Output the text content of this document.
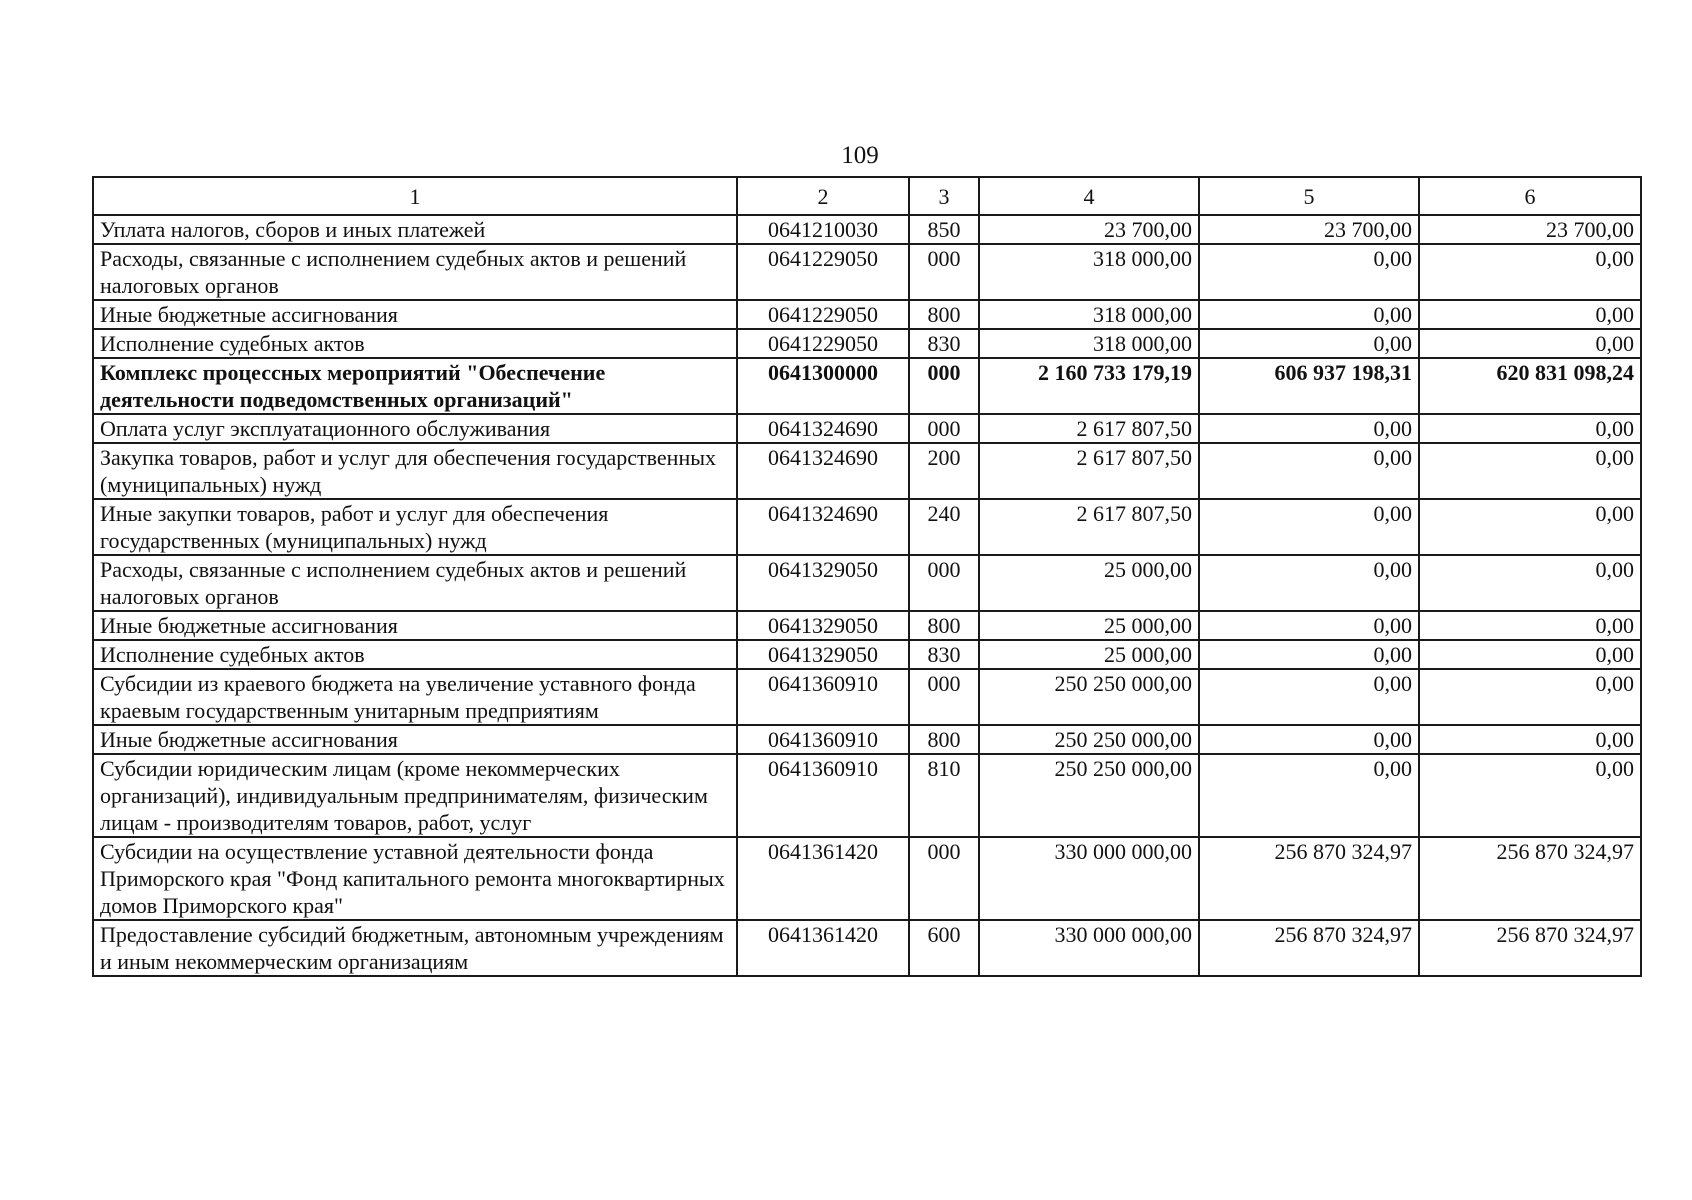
109
1	2	3	4	5	6
Уплата налогов, сборов и иных платежей	0641210030	850	23 700,00	23 700,00	23 700,00
Расходы, связанные с исполнением судебных актов и решений налоговых органов	0641229050	000	318 000,00	0,00	0,00
Иные бюджетные ассигнования	0641229050	800	318 000,00	0,00	0,00
Исполнение судебных актов	0641229050	830	318 000,00	0,00	0,00
Комплекс процессных мероприятий "Обеспечение деятельности подведомственных организаций"	0641300000	000	2 160 733 179,19	606 937 198,31	620 831 098,24
Оплата услуг эксплуатационного обслуживания	0641324690	000	2 617 807,50	0,00	0,00
Закупка товаров, работ и услуг для обеспечения государственных (муниципальных) нужд	0641324690	200	2 617 807,50	0,00	0,00
Иные закупки товаров, работ и услуг для обеспечения государственных (муниципальных) нужд	0641324690	240	2 617 807,50	0,00	0,00
Расходы, связанные с исполнением судебных актов и решений налоговых органов	0641329050	000	25 000,00	0,00	0,00
Иные бюджетные ассигнования	0641329050	800	25 000,00	0,00	0,00
Исполнение судебных актов	0641329050	830	25 000,00	0,00	0,00
Субсидии из краевого бюджета на увеличение уставного фонда краевым государственным унитарным предприятиям	0641360910	000	250 250 000,00	0,00	0,00
Иные бюджетные ассигнования	0641360910	800	250 250 000,00	0,00	0,00
Субсидии юридическим лицам (кроме некоммерческих организаций), индивидуальным предпринимателям, физическим лицам - производителям товаров, работ, услуг	0641360910	810	250 250 000,00	0,00	0,00
Субсидии на осуществление уставной деятельности фонда Приморского края "Фонд капитального ремонта многоквартирных домов Приморского края"	0641361420	000	330 000 000,00	256 870 324,97	256 870 324,97
Предоставление субсидий бюджетным, автономным учреждениям и иным некоммерческим организациям	0641361420	600	330 000 000,00	256 870 324,97	256 870 324,97
